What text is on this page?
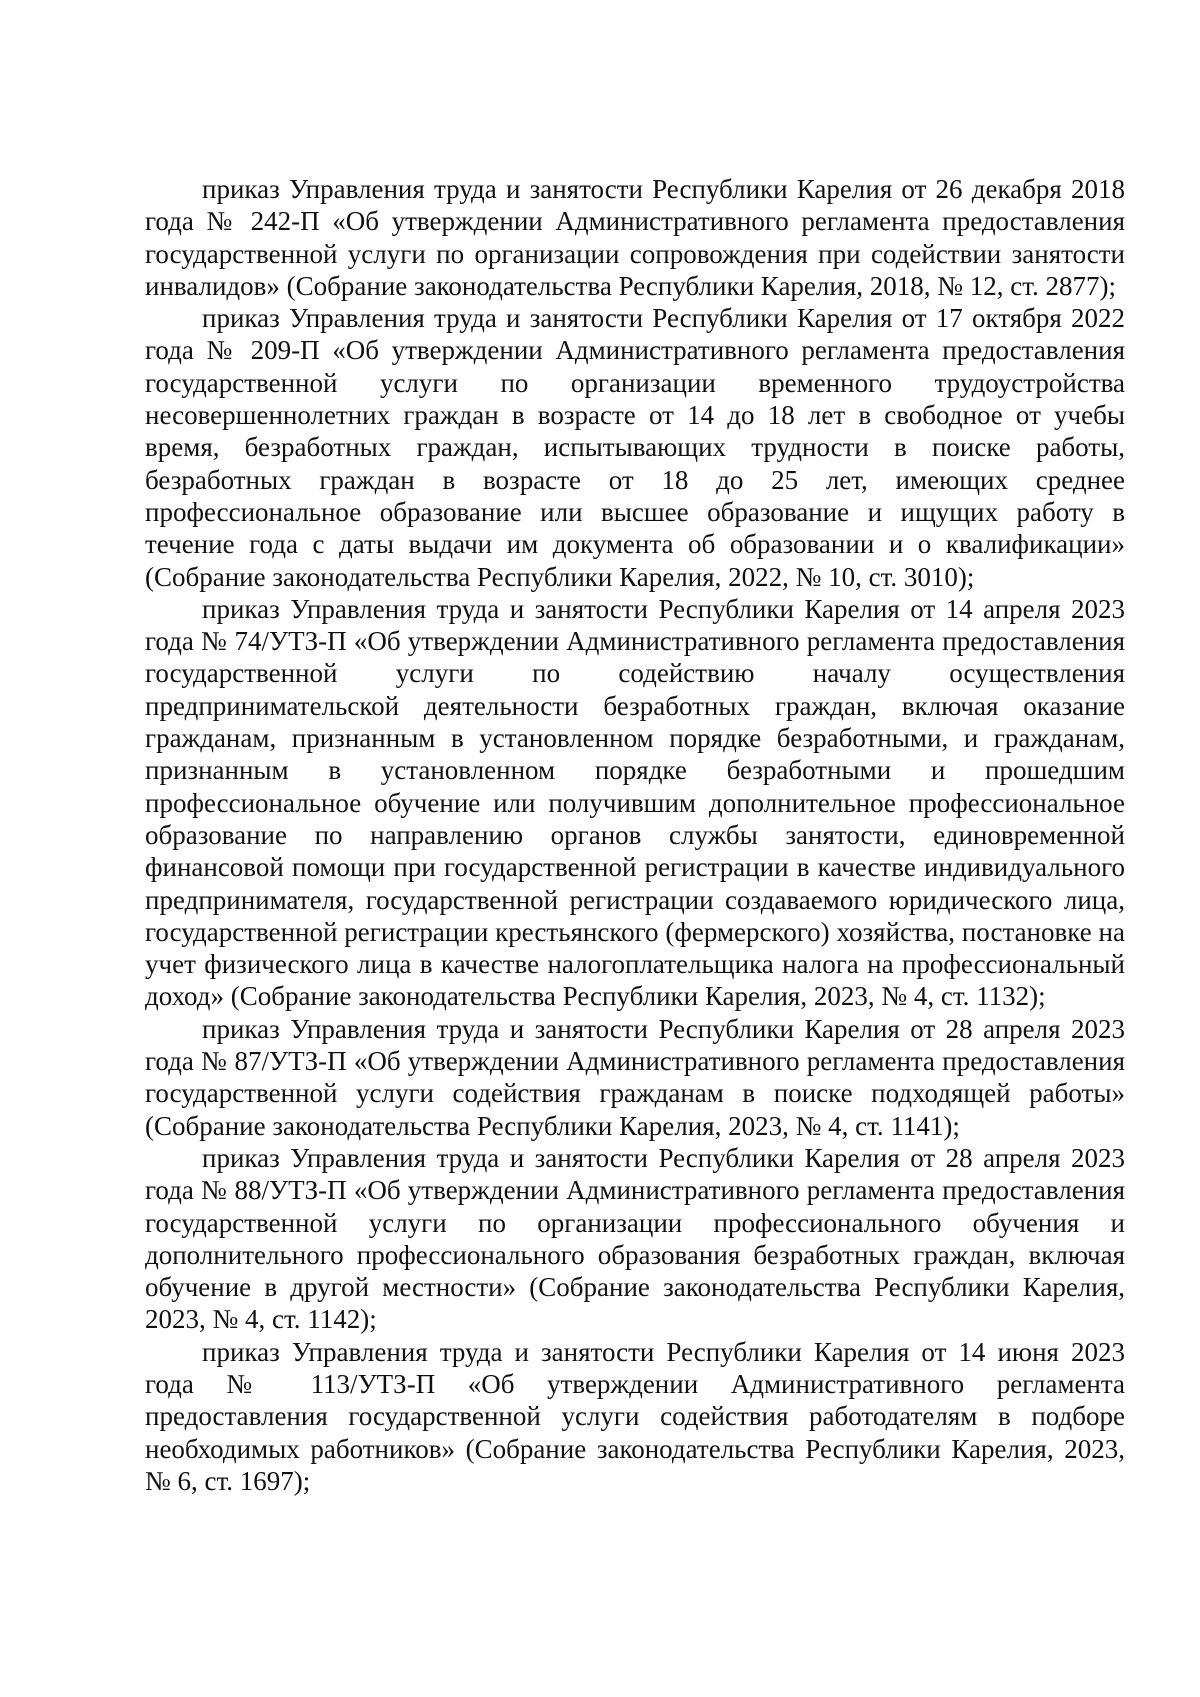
приказ Управления труда и занятости Республики Карелия от 26 декабря 2018 года № 242-П «Об утверждении Административного регламента предоставления государственной услуги по организации сопровождения при содействии занятости инвалидов» (Собрание законодательства Республики Карелия, 2018, № 12, ст. 2877);

приказ Управления труда и занятости Республики Карелия от 17 октября 2022 года № 209-П «Об утверждении Административного регламента предоставления государственной услуги по организации временного трудоустройства несовершеннолетних граждан в возрасте от 14 до 18 лет в свободное от учебы время, безработных граждан, испытывающих трудности в поиске работы, безработных граждан в возрасте от 18 до 25 лет, имеющих среднее профессиональное образование или высшее образование и ищущих работу в течение года с даты выдачи им документа об образовании и о квалификации» (Собрание законодательства Республики Карелия, 2022, № 10, ст. 3010);

приказ Управления труда и занятости Республики Карелия от 14 апреля 2023 года № 74/УТЗ-П «Об утверждении Административного регламента предоставления государственной услуги по содействию началу осуществления предпринимательской деятельности безработных граждан, включая оказание гражданам, признанным в установленном порядке безработными, и гражданам, признанным в установленном порядке безработными и прошедшим профессиональное обучение или получившим дополнительное профессиональное образование по направлению органов службы занятости, единовременной финансовой помощи при государственной регистрации в качестве индивидуального предпринимателя, государственной регистрации создаваемого юридического лица, государственной регистрации крестьянского (фермерского) хозяйства, постановке на учет физического лица в качестве налогоплательщика налога на профессиональный доход» (Собрание законодательства Республики Карелия, 2023, № 4, ст. 1132);

приказ Управления труда и занятости Республики Карелия от 28 апреля 2023 года № 87/УТЗ-П «Об утверждении Административного регламента предоставления государственной услуги содействия гражданам в поиске подходящей работы» (Собрание законодательства Республики Карелия, 2023, № 4, ст. 1141);

приказ Управления труда и занятости Республики Карелия от 28 апреля 2023 года № 88/УТЗ-П «Об утверждении Административного регламента предоставления государственной услуги по организации профессионального обучения и дополнительного профессионального образования безработных граждан, включая обучение в другой местности» (Собрание законодательства Республики Карелия, 2023, № 4, ст. 1142);

приказ Управления труда и занятости Республики Карелия от 14 июня 2023 года № 113/УТЗ-П «Об утверждении Административного регламента предоставления государственной услуги содействия работодателям в подборе необходимых работников» (Собрание законодательства Республики Карелия, 2023, № 6, ст. 1697);
